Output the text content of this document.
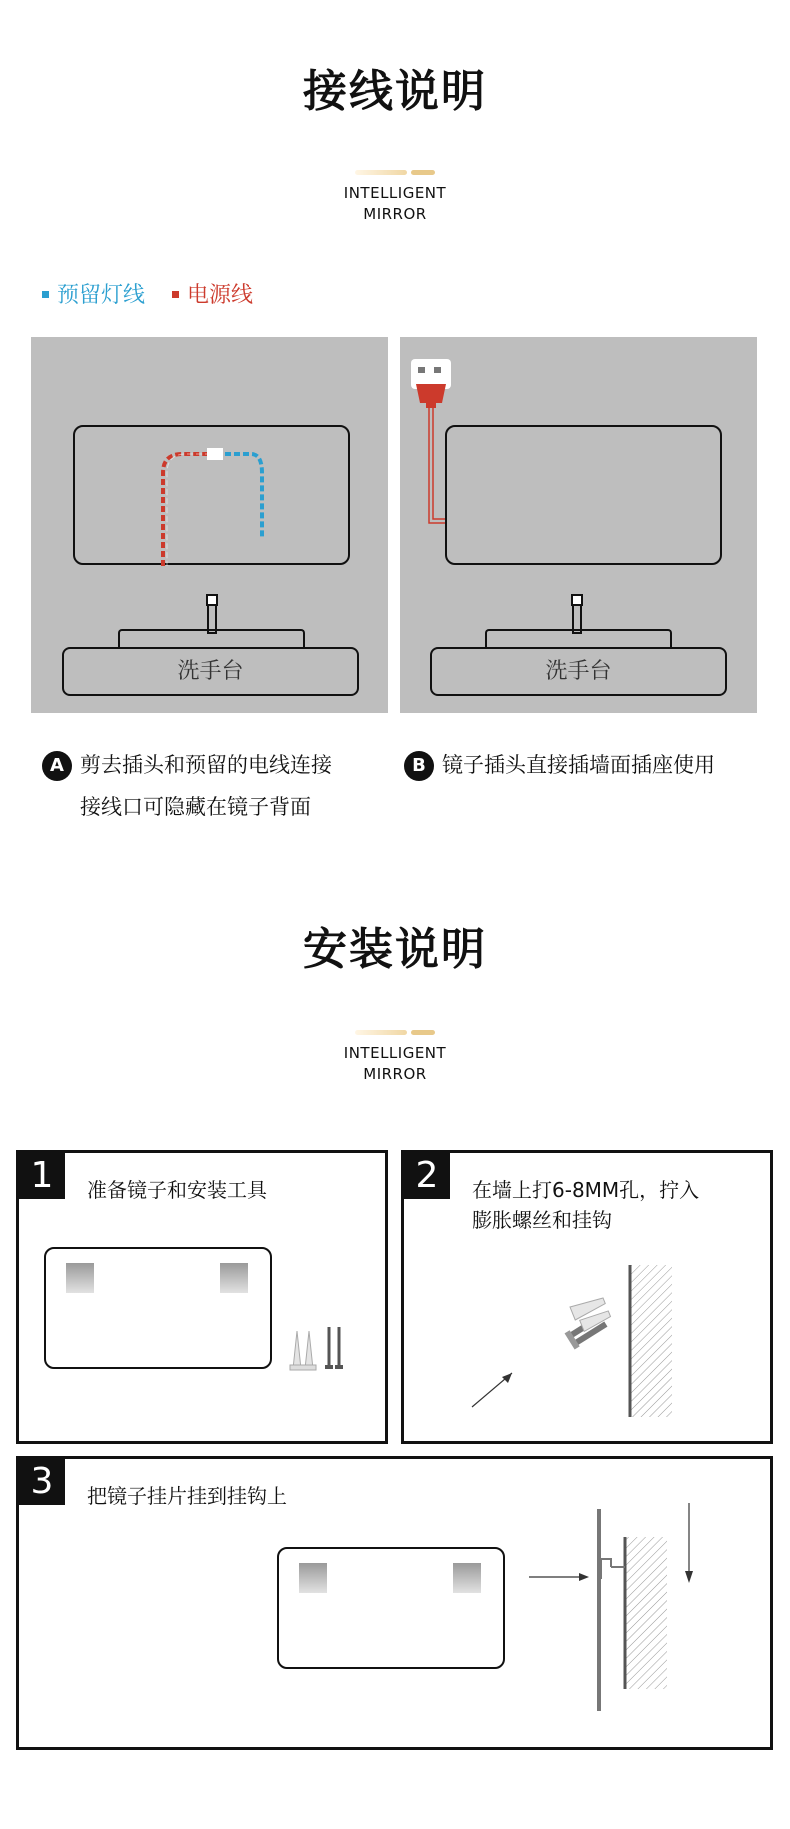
接线说明
INTELLIGENT
MIRROR
预留灯线	电源线
洗手台	洗手台
A 剪去插头和预留的电线连接
接线口可隐藏在镜子背面
B 镜子插头直接插墙面插座使用
安装说明
INTELLIGENT
MIRROR
1	准备镜子和安装工具	2	在墙上打6-8MM孔，拧入
膨胀螺丝和挂钩
3	把镜子挂片挂到挂钩上
